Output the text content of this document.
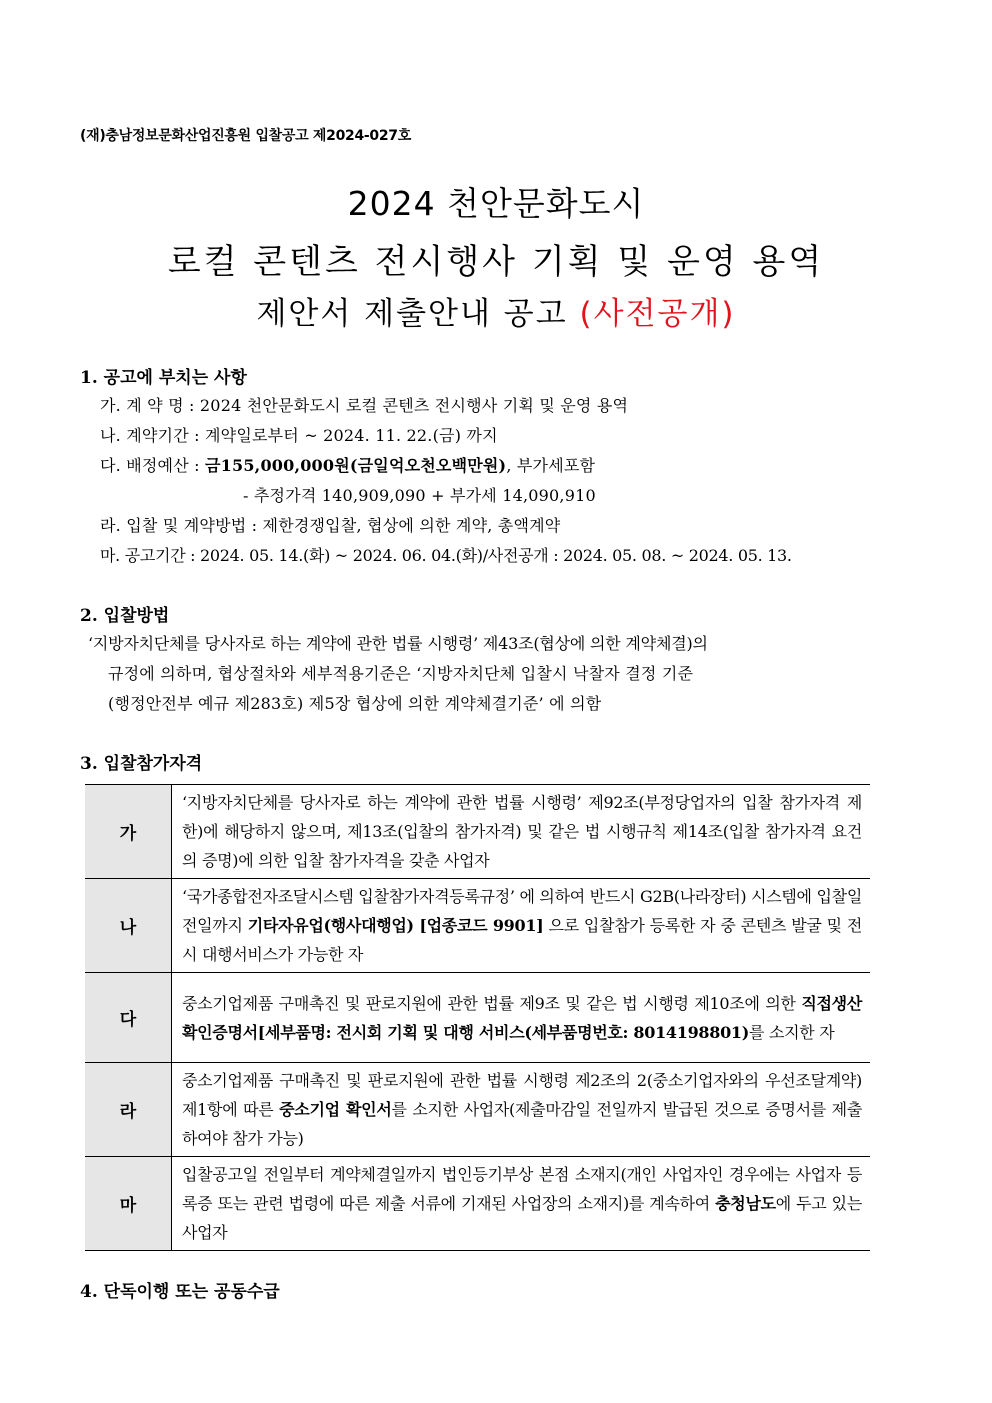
(재)충남정보문화산업진흥원 입찰공고 제2024-027호
2024 천안문화도시
로컬 콘텐츠 전시행사 기획 및 운영 용역
제안서 제출안내 공고 (사전공개)
1. 공고에 부치는 사항
가. 계 약 명 : 2024 천안문화도시 로컬 콘텐츠 전시행사 기획 및 운영 용역
나. 계약기간 : 계약일로부터 ~ 2024. 11. 22.(금) 까지
다. 배정예산 : 금155,000,000원(금일억오천오백만원), 부가세포함
- 추정가격 140,909,090 + 부가세 14,090,910
라. 입찰 및 계약방법 : 제한경쟁입찰, 협상에 의한 계약, 총액계약
마. 공고기간 : 2024. 05. 14.(화) ~ 2024. 06. 04.(화)/사전공개 : 2024. 05. 08. ~ 2024. 05. 13.
2. 입찰방법
‘지방자치단체를 당사자로 하는 계약에 관한 법률 시행령’ 제43조(협상에 의한 계약체결)의
규정에 의하며, 협상절차와 세부적용기준은 ‘지방자치단체 입찰시 낙찰자 결정 기준
(행정안전부 예규 제283호) 제5장 협상에 의한 계약체결기준’ 에 의함
3. 입찰참가자격
가	‘지방자치단체를 당사자로 하는 계약에 관한 법률 시행령’ 제92조(부정당업자의 입찰 참가자격 제한)에 해당하지 않으며, 제13조(입찰의 참가자격) 및 같은 법 시행규칙 제14조(입찰 참가자격 요건의 증명)에 의한 입찰 참가자격을 갖춘 사업자
나	‘국가종합전자조달시스템 입찰참가자격등록규정’ 에 의하여 반드시 G2B(나라장터) 시스템에 입찰일 전일까지 기타자유업(행사대행업) [업종코드 9901] 으로 입찰참가 등록한 자 중 콘텐츠 발굴 및 전시 대행서비스가 가능한 자
다	중소기업제품 구매촉진 및 판로지원에 관한 법률 제9조 및 같은 법 시행령 제10조에 의한 직접생산확인증명서[세부품명: 전시회 기획 및 대행 서비스(세부품명번호: 8014198801)를 소지한 자
라	중소기업제품 구매촉진 및 판로지원에 관한 법률 시행령 제2조의 2(중소기업자와의 우선조달계약) 제1항에 따른 중소기업 확인서를 소지한 사업자(제출마감일 전일까지 발급된 것으로 증명서를 제출하여야 참가 가능)
마	입찰공고일 전일부터 계약체결일까지 법인등기부상 본점 소재지(개인 사업자인 경우에는 사업자 등록증 또는 관련 법령에 따른 제출 서류에 기재된 사업장의 소재지)를 계속하여 충청남도에 두고 있는 사업자
4. 단독이행 또는 공동수급
